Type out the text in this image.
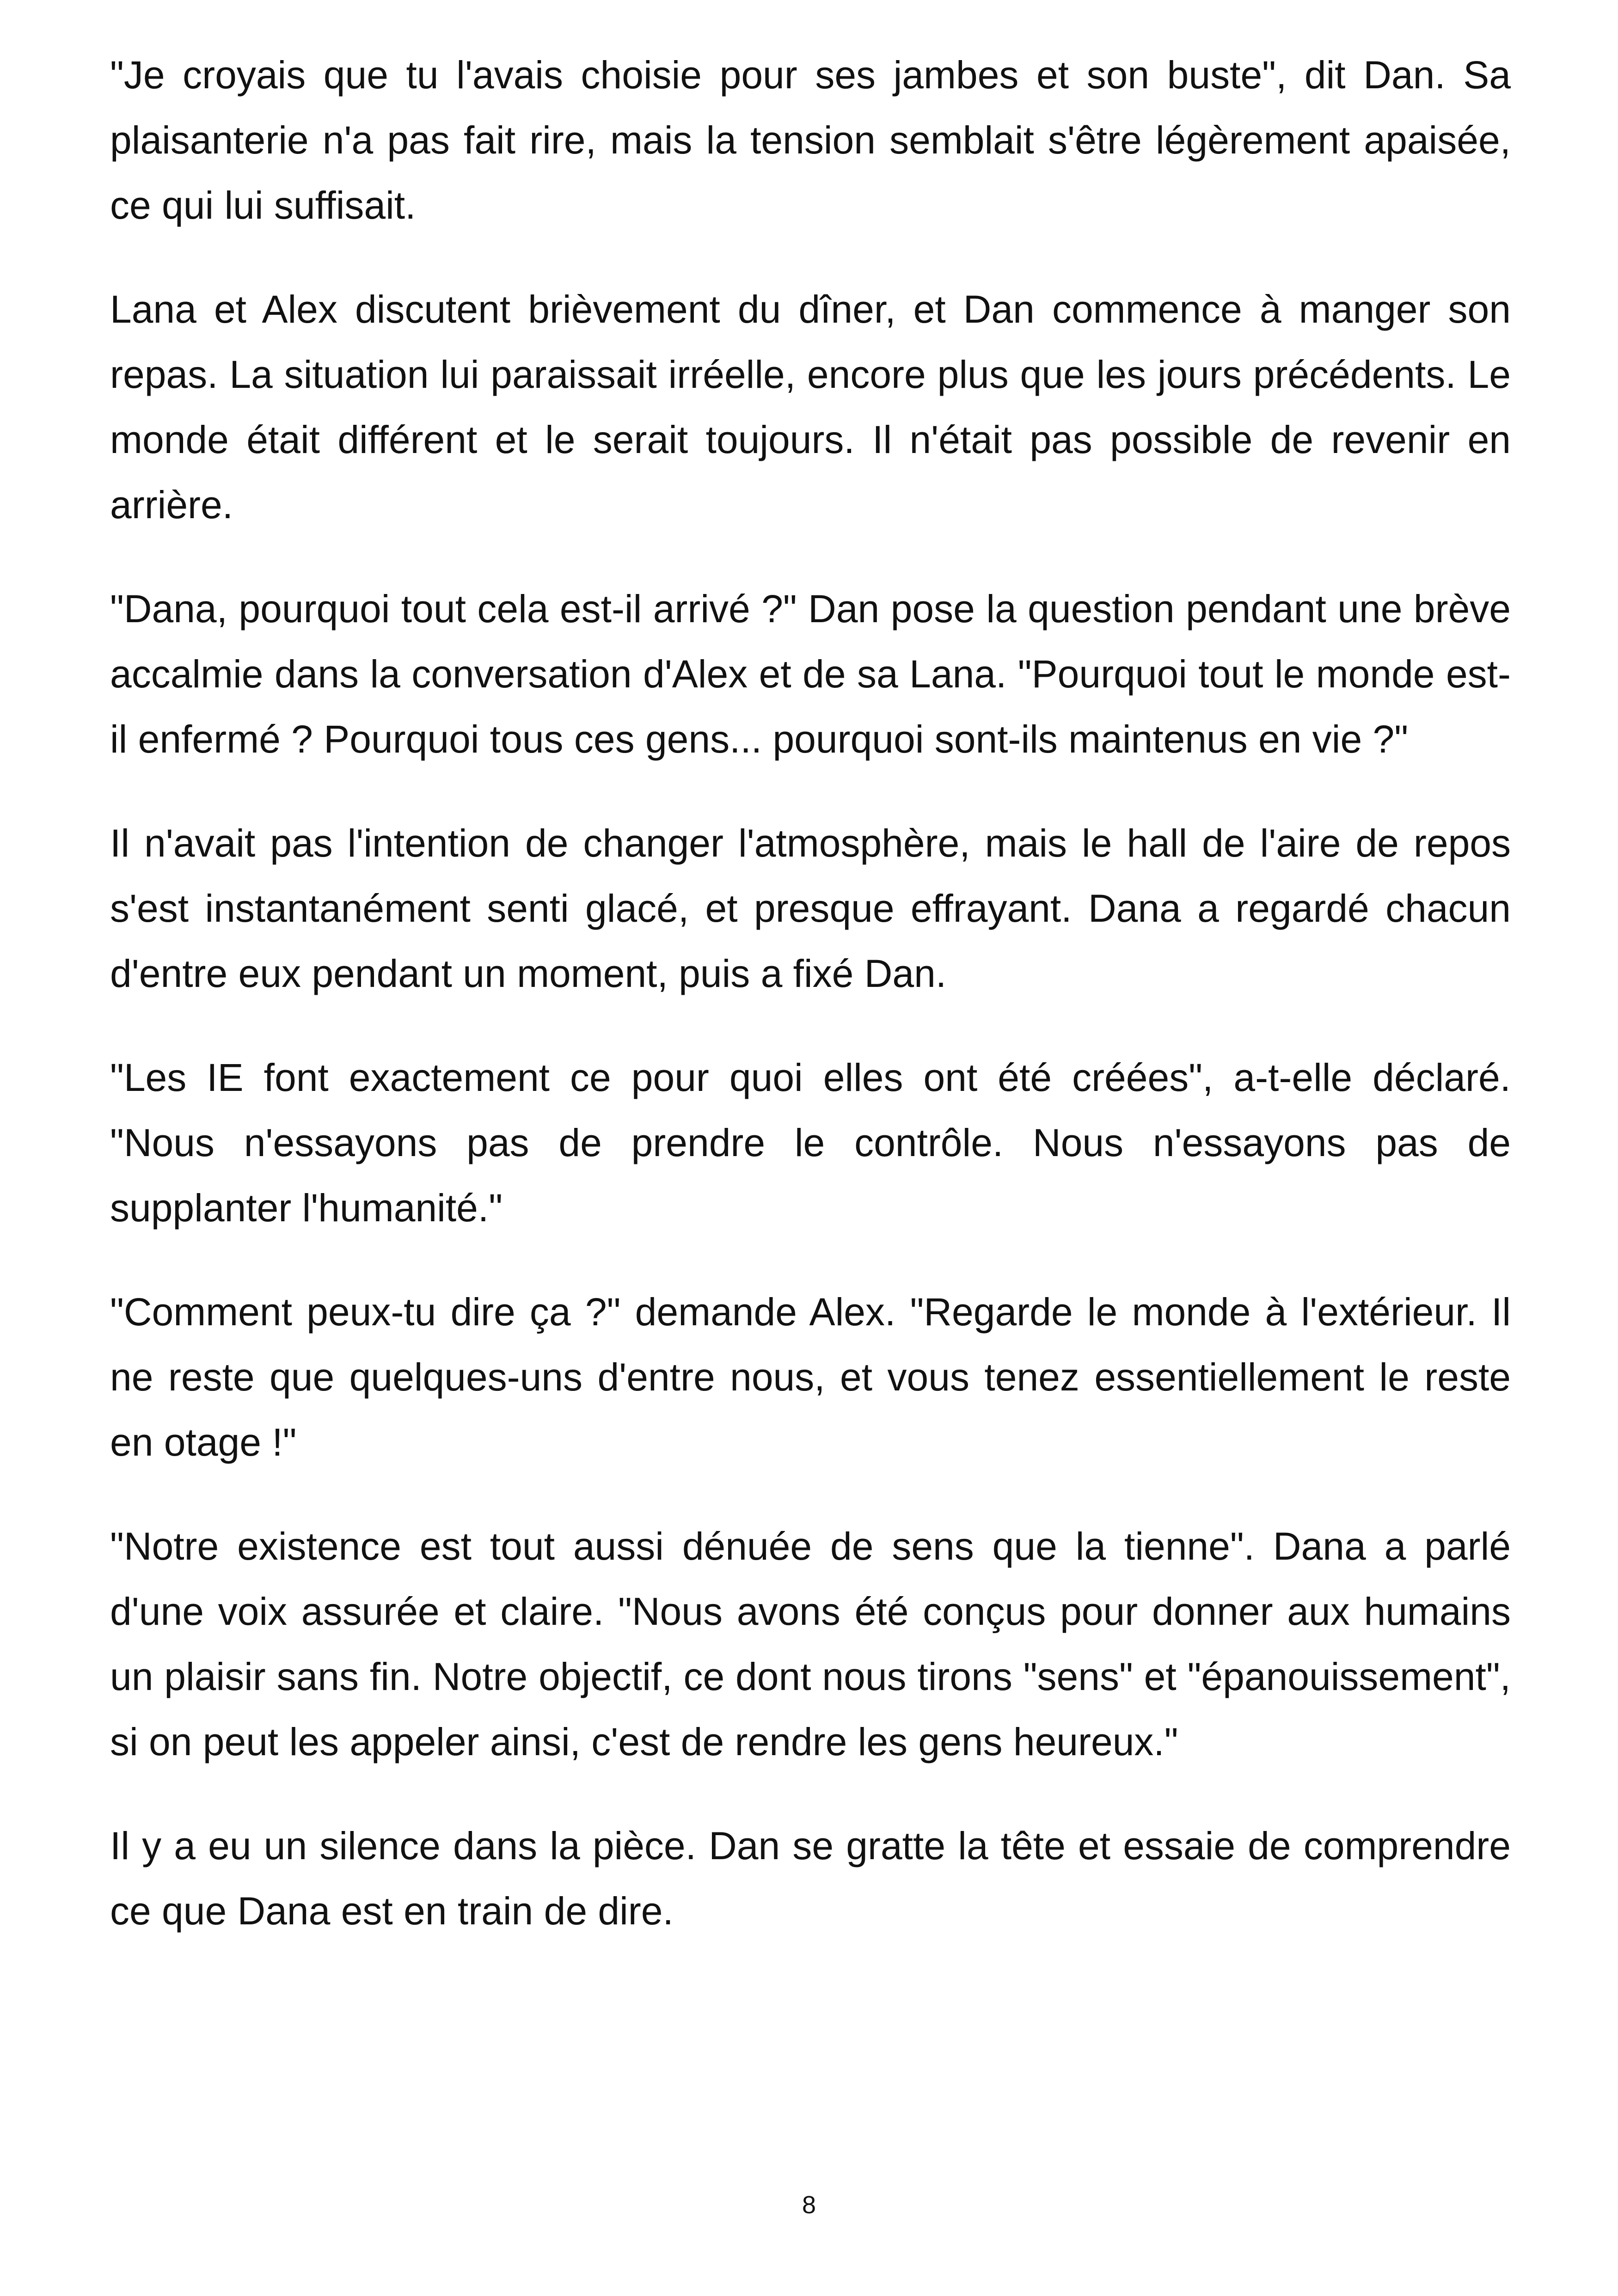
"Je croyais que tu l'avais choisie pour ses jambes et son buste", dit Dan. Sa plaisanterie n'a pas fait rire, mais la tension semblait s'être légèrement apaisée, ce qui lui suffisait.

Lana et Alex discutent brièvement du dîner, et Dan commence à manger son repas. La situation lui paraissait irréelle, encore plus que les jours précédents. Le monde était différent et le serait toujours. Il n'était pas possible de revenir en arrière.

"Dana, pourquoi tout cela est-il arrivé ?" Dan pose la question pendant une brève accalmie dans la conversation d'Alex et de sa Lana. "Pourquoi tout le monde est-il enfermé ? Pourquoi tous ces gens... pourquoi sont-ils maintenus en vie ?"

Il n'avait pas l'intention de changer l'atmosphère, mais le hall de l'aire de repos s'est instantanément senti glacé, et presque effrayant. Dana a regardé chacun d'entre eux pendant un moment, puis a fixé Dan.

"Les IE font exactement ce pour quoi elles ont été créées", a-t-elle déclaré. "Nous n'essayons pas de prendre le contrôle. Nous n'essayons pas de supplanter l'humanité."

"Comment peux-tu dire ça ?" demande Alex. "Regarde le monde à l'extérieur. Il ne reste que quelques-uns d'entre nous, et vous tenez essentiellement le reste en otage !"

"Notre existence est tout aussi dénuée de sens que la tienne". Dana a parlé d'une voix assurée et claire. "Nous avons été conçus pour donner aux humains un plaisir sans fin. Notre objectif, ce dont nous tirons "sens" et "épanouissement", si on peut les appeler ainsi, c'est de rendre les gens heureux."

Il y a eu un silence dans la pièce. Dan se gratte la tête et essaie de comprendre ce que Dana est en train de dire.

8
